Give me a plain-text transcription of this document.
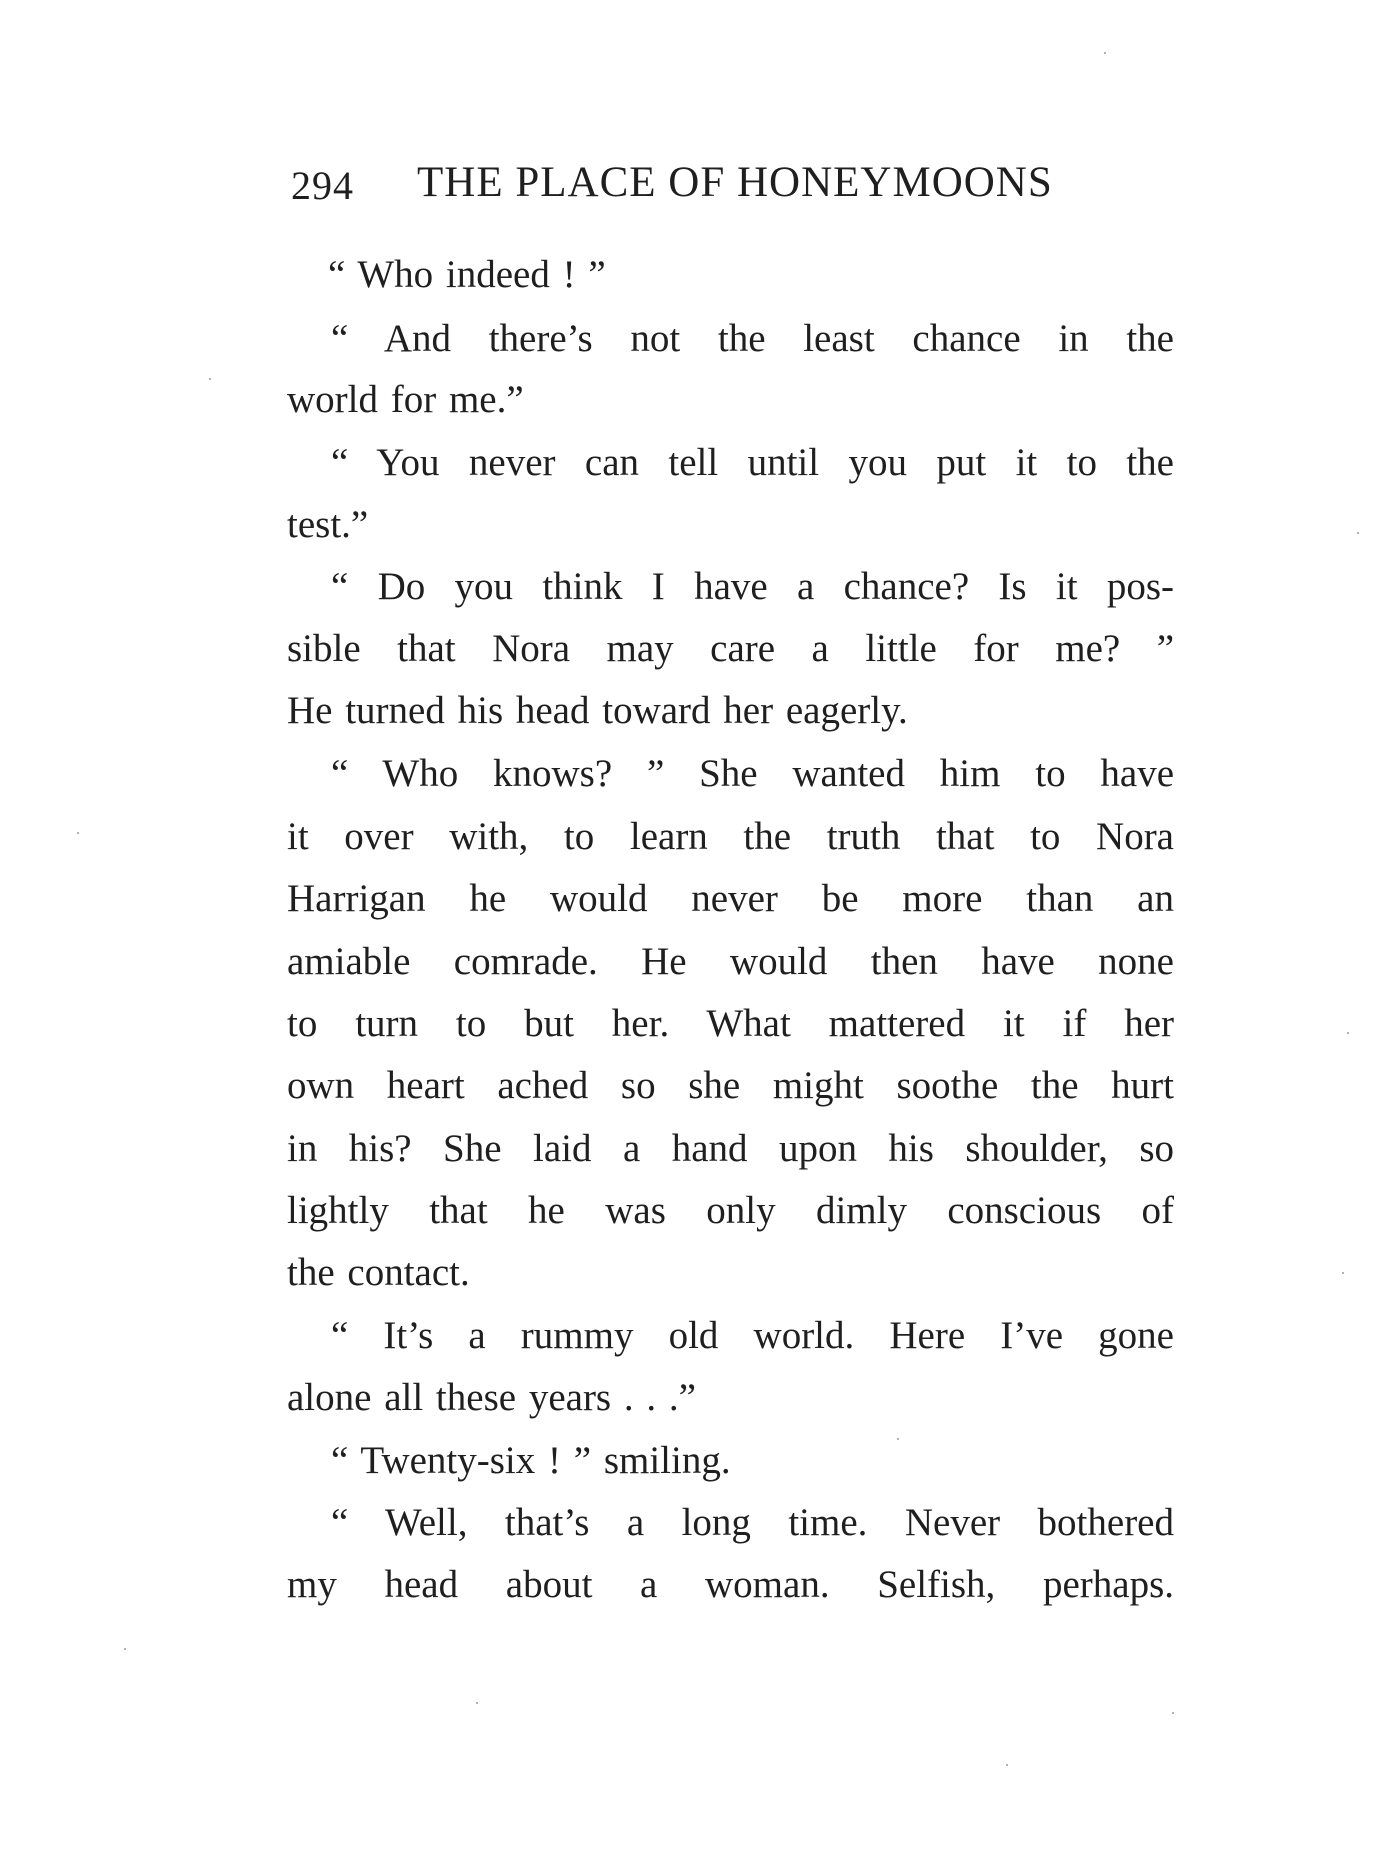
294 THE PLACE OF HONEYMOONS
“ Who indeed ! ”
“ And there’s not the least chance in the
world for me.”
“ You never can tell until you put it to the
test.”
“ Do you think I have a chance? Is it pos-
sible that Nora may care a little for me? ”
He turned his head toward her eagerly.
“ Who knows? ” She wanted him to have
it over with, to learn the truth that to Nora
Harrigan he would never be more than an
amiable comrade. He would then have none
to turn to but her. What mattered it if her
own heart ached so she might soothe the hurt
in his? She laid a hand upon his shoulder, so
lightly that he was only dimly conscious of
the contact.
“ It’s a rummy old world. Here I’ve gone
alone all these years . . .”
“ Twenty-six ! ” smiling.
“ Well, that’s a long time. Never bothered
my head about a woman. Selfish, perhaps.
